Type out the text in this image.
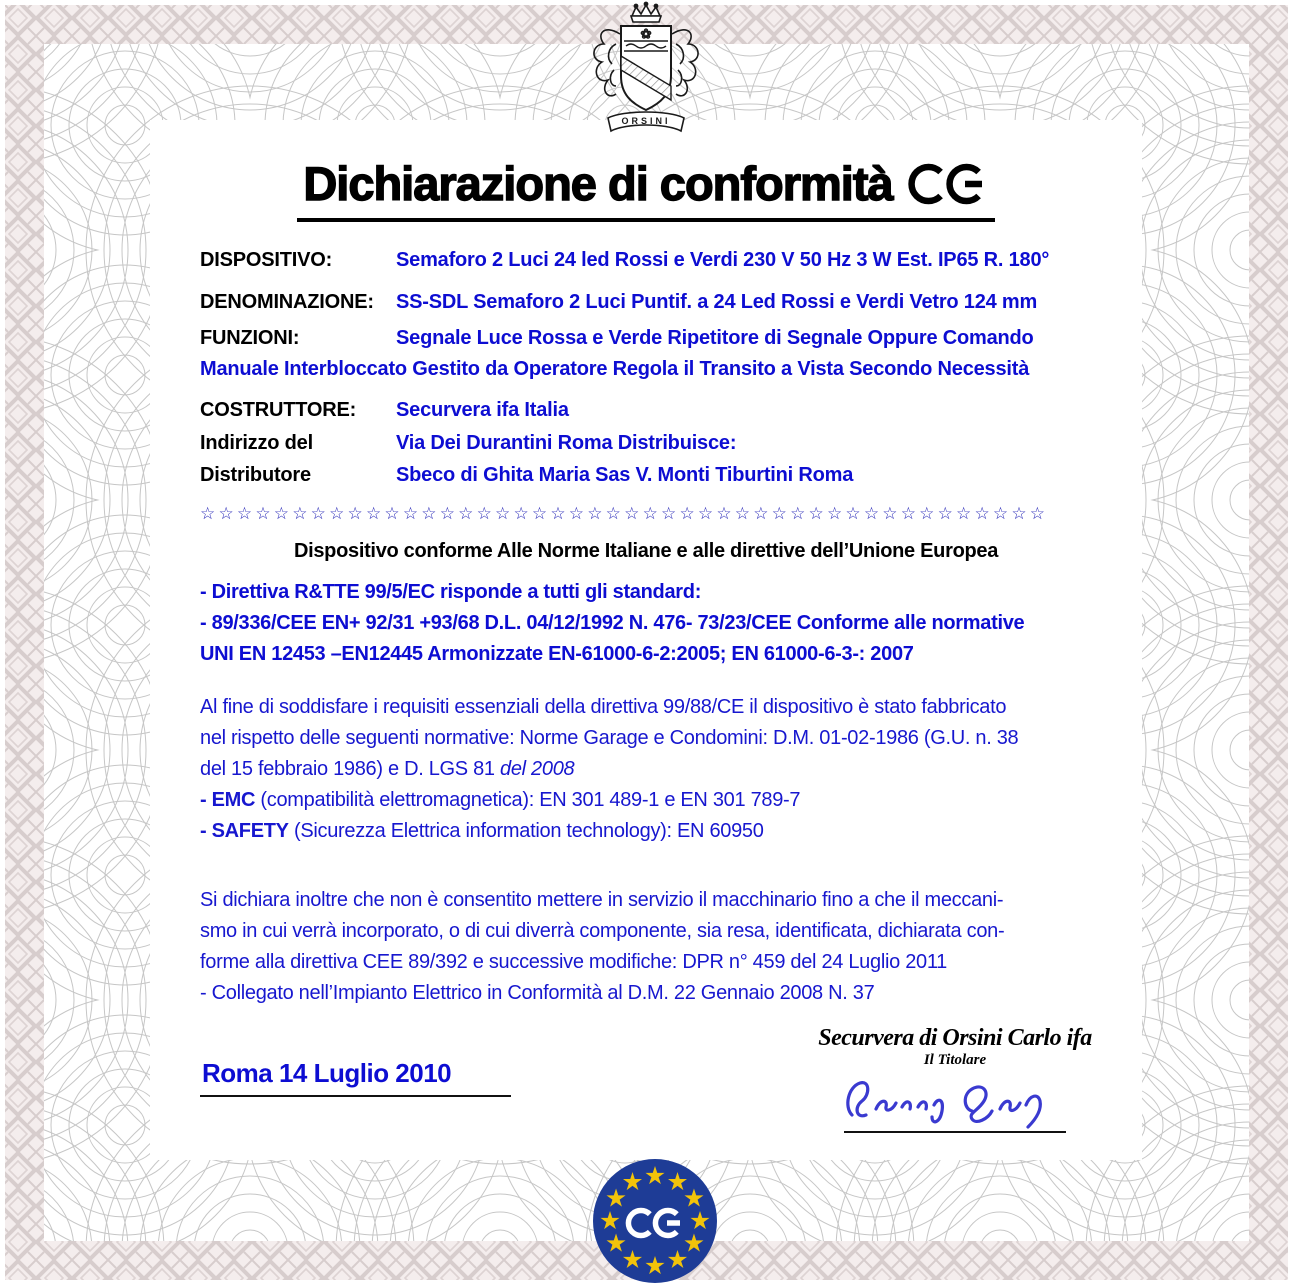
Dichiarazione di conformità
DISPOSITIVO:	Semaforo 2 Luci 24 led Rossi e Verdi 230 V 50 Hz 3 W Est. IP65 R. 180°
DENOMINAZIONE:	SS-SDL Semaforo 2 Luci Puntif. a 24 Led Rossi e Verdi Vetro 124 mm
FUNZIONI:	Segnale Luce Rossa e Verde Ripetitore di Segnale Oppure Comando
Manuale Interbloccato Gestito da Operatore Regola il Transito a Vista Secondo Necessità
COSTRUTTORE:	Securvera ifa Italia
Indirizzo del	Via Dei Durantini Roma Distribuisce:
Distributore	Sbeco di Ghita Maria Sas V. Monti Tiburtini Roma
☆☆☆☆☆☆☆☆☆☆☆☆☆☆☆☆☆☆☆☆☆☆☆☆☆☆☆☆☆☆☆☆☆☆☆☆☆☆☆☆☆☆☆☆☆☆
Dispositivo conforme Alle Norme Italiane e alle direttive dell’Unione Europea
- Direttiva R&TTE 99/5/EC risponde a tutti gli standard:
- 89/336/CEE EN+ 92/31 +93/68 D.L. 04/12/1992 N. 476- 73/23/CEE Conforme alle normative
UNI EN 12453 –EN12445 Armonizzate EN-61000-6-2:2005; EN 61000-6-3-: 2007
Al fine di soddisfare i requisiti essenziali della direttiva 99/88/CE il dispositivo è stato fabbricato
nel rispetto delle seguenti normative: Norme Garage e Condomini: D.M. 01-02-1986 (G.U. n. 38
del 15 febbraio 1986) e D. LGS 81 del 2008
- EMC (compatibilità elettromagnetica): EN 301 489-1 e EN 301 789-7
- SAFETY (Sicurezza Elettrica information technology): EN 60950
Si dichiara inoltre che non è consentito mettere in servizio il macchinario fino a che il meccani-
smo in cui verrà incorporato, o di cui diverrà componente, sia resa, identificata, dichiarata con-
forme alla direttiva CEE 89/392 e successive modifiche: DPR n° 459 del 24 Luglio 2011
- Collegato nell’Impianto Elettrico in Conformità al D.M. 22 Gennaio 2008 N. 37
Roma 14 Luglio 2010
Securvera di Orsini Carlo ifa
Il Titolare
ORSINI
